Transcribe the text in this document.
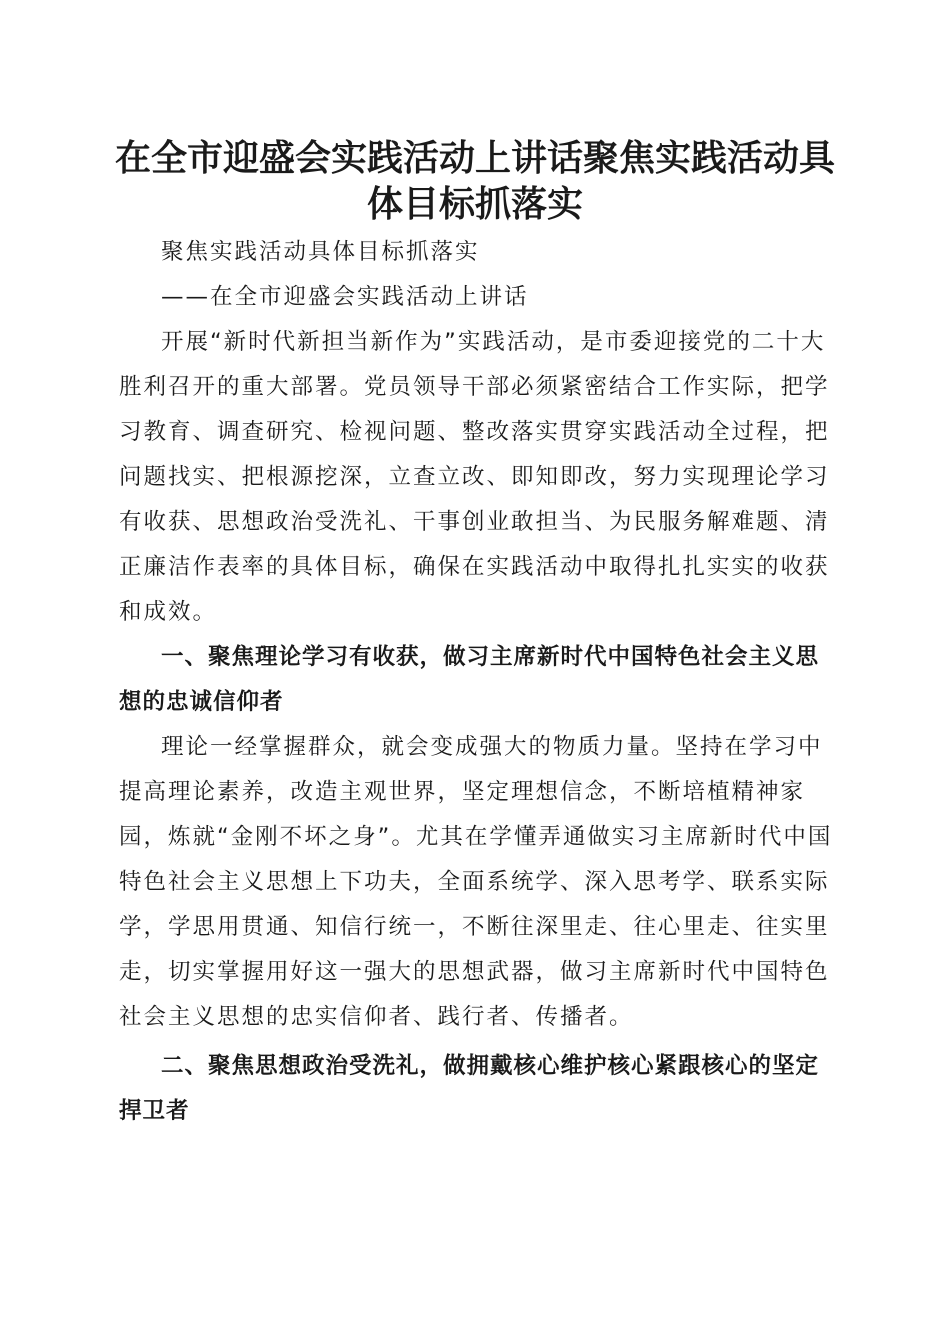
在全市迎盛会实践活动上讲话聚焦实践活动具体目标抓落实

聚焦实践活动具体目标抓落实

——在全市迎盛会实践活动上讲话

开展“新时代新担当新作为”实践活动，是市委迎接党的二十大胜利召开的重大部署。党员领导干部必须紧密结合工作实际，把学习教育、调查研究、检视问题、整改落实贯穿实践活动全过程，把问题找实、把根源挖深，立查立改、即知即改，努力实现理论学习有收获、思想政治受洗礼、干事创业敢担当、为民服务解难题、清正廉洁作表率的具体目标，确保在实践活动中取得扎扎实实的收获和成效。

一、聚焦理论学习有收获，做习主席新时代中国特色社会主义思想的忠诚信仰者

理论一经掌握群众，就会变成强大的物质力量。坚持在学习中提高理论素养，改造主观世界，坚定理想信念，不断培植精神家园，炼就“金刚不坏之身”。尤其在学懂弄通做实习主席新时代中国特色社会主义思想上下功夫，全面系统学、深入思考学、联系实际学，学思用贯通、知信行统一，不断往深里走、往心里走、往实里走，切实掌握用好这一强大的思想武器，做习主席新时代中国特色社会主义思想的忠实信仰者、践行者、传播者。

二、聚焦思想政治受洗礼，做拥戴核心维护核心紧跟核心的坚定捍卫者
